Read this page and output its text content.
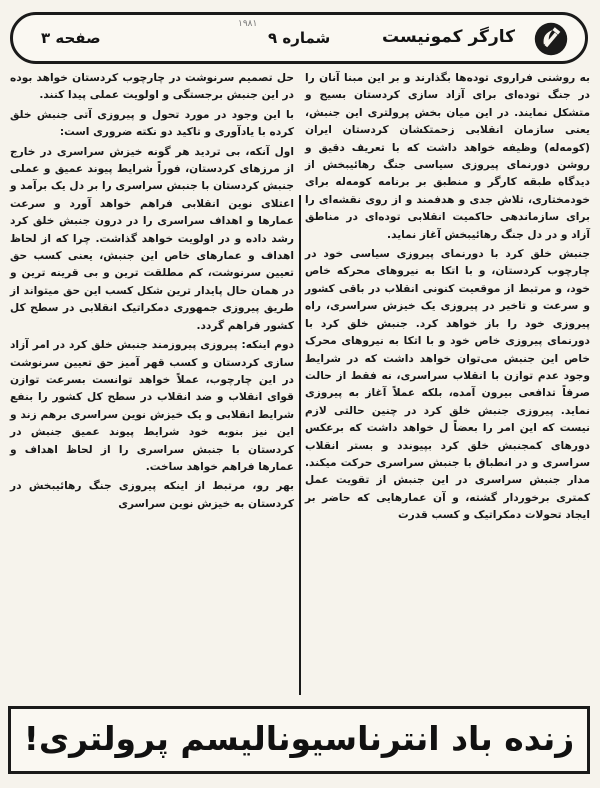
صفحه ۳
۱۹۸۱
شماره ۹	کارگر کمونیست

به روشنی فراروی توده‌ها بگذارند و بر این مبنا آنان را در جنگ توده‌ای برای آزاد سازی کردستان بسیج و متشکل نمایند. در این میان بخش پرولتری این جنبش، یعنی سازمان انقلابی زحمتکشان کردستان ایران (کومه‌له) وظیفه خواهد داشت که با تعریف دقیق و روشن دورنمای پیروزی سیاسی جنگ رهائیبخش از دیدگاه طبقه کارگر و منطبق بر برنامه کومه‌له برای خودمختاری، تلاش جدی و هدفمند و از روی نقشه‌ای را برای سازماندهی حاکمیت انقلابی توده‌ای در مناطق آزاد و در دل جنگ رهائیبخش آغاز نماید.

جنبش خلق کرد با دورنمای پیروزی سیاسی خود در چارچوب کردستان، و با اتکا به نیروهای محرکه خاص خود، و مرتبط از موقعیت کنونی انقلاب در باقی کشور و سرعت و تاخیر در پیروزی یک خیزش سراسری، راه پیروزی خود را باز خواهد کرد. جنبش خلق کرد با دورنمای پیروزی خاص خود و با اتکا به نیروهای محرک خاص این جنبش می‌توان خواهد داشت که در شرایط وجود عدم توازن با انقلاب سراسری، نه فقط از حالت صرفاً تدافعی بیرون آمده، بلکه عملاً آغاز به پیروزی نماید. پیروزی جنبش خلق کرد در چنین حالتی لازم نیست که این امر را بعضاً ل خواهد داشت که برعکس دورهای کمجنبش خلق کرد بپیوندد و بستر انقلاب سراسری و در انطباق با جنبش سراسری حرکت میکند. مدار جنبش سراسری در این جنبش از تقویت عمل کمتری برخوردار گشته، و آن عمارهایی که حاضر بر ایجاد تحولات دمکراتیک و کسب قدرت

حل تصمیم سرنوشت در چارچوب کردستان خواهد بوده در این جنبش برجستگی و اولویت عملی پیدا کنند.

با این وجود در مورد تحول و پیروزی آتی جنبش خلق کرده با یادآوری و تاکید دو نکته ضروری است:

اول آنکه، بی تردید هر گونه خیزش سراسری در خارج از مرزهای کردستان، فوراً شرایط پیوند عمیق و عملی جنبش کردستان با جنبش سراسری را بر دل یک برآمد و اعتلای نوین انقلابی فراهم خواهد آورد و سرعت عمارها و اهداف سراسری را در درون جنبش خلق کرد رشد داده و در اولویت خواهد گذاشت. چرا که از لحاظ اهداف و عمارهای خاص این جنبش، یعنی کسب حق تعیین سرنوشت، کم مطلقت ترین و بی قرینه ترین و در همان حال پایدار ترین شکل کسب این حق میتواند از طریق پیروزی جمهوری دمکراتیک انقلابی در سطح کل کشور فراهم گردد.

دوم اینکه: پیروزی پیروزمند جنبش خلق کرد در امر آزاد سازی کردستان و کسب قهر آمیز حق تعیین سرنوشت در این چارچوب، عملاً خواهد توانست بسرعت توازن قوای انقلاب و ضد انقلاب در سطح کل کشور را بنفع شرایط انقلابی و یک خیزش نوین سراسری برهم زند و این نیز بنوبه خود شرایط پیوند عمیق جنبش در کردستان با جنبش سراسری را از لحاظ اهداف و عمارها فراهم خواهد ساخت.

بهر رو، مرتبط از اینکه پیروزی جنگ رهائیبخش در کردستان به خیزش نوین سراسری

زنده باد انترناسیونالیسم پرولتری!
